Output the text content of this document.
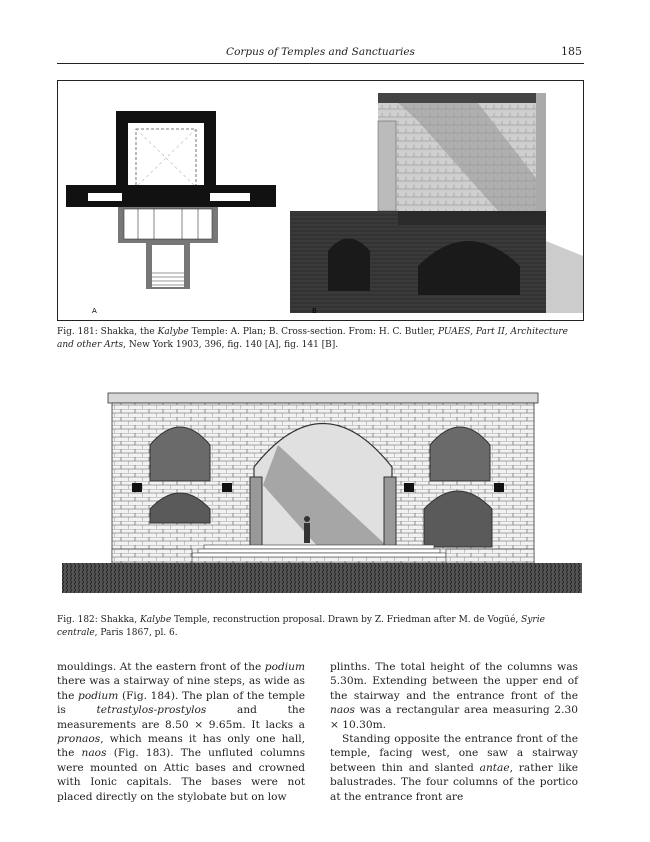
Corpus of Temples and Sanctuaries	185
A	B
Fig. 181: Shakka, the Kalybe Temple: A. Plan; B. Cross-section. From: H. C. Butler, PUAES, Part II, Architecture and other Arts, New York 1903, 396, fig. 140 [A], fig. 141 [B].
Fig. 182: Shakka, Kalybe Temple, reconstruction proposal. Drawn by Z. Friedman after M. de Vogüé, Syrie centrale, Paris 1867, pl. 6.

mouldings. At the eastern front of the podium there was a stairway of nine steps, as wide as the podium (Fig. 184). The plan of the temple is tetrastylos-prostylos and the measurements are 8.50 × 9.65m. It lacks a pronaos, which means it has only one hall, the naos (Fig. 183). The unfluted columns were mounted on Attic bases and crowned with Ionic capitals. The bases were not placed directly on the stylobate but on low

plinths. The total height of the columns was 5.30m. Extending between the upper end of the stairway and the entrance front of the naos was a rectangular area measuring 2.30 × 10.30m.

Standing opposite the entrance front of the temple, facing west, one saw a stairway between thin and slanted antae, rather like balustrades. The four columns of the portico at the entrance front are
